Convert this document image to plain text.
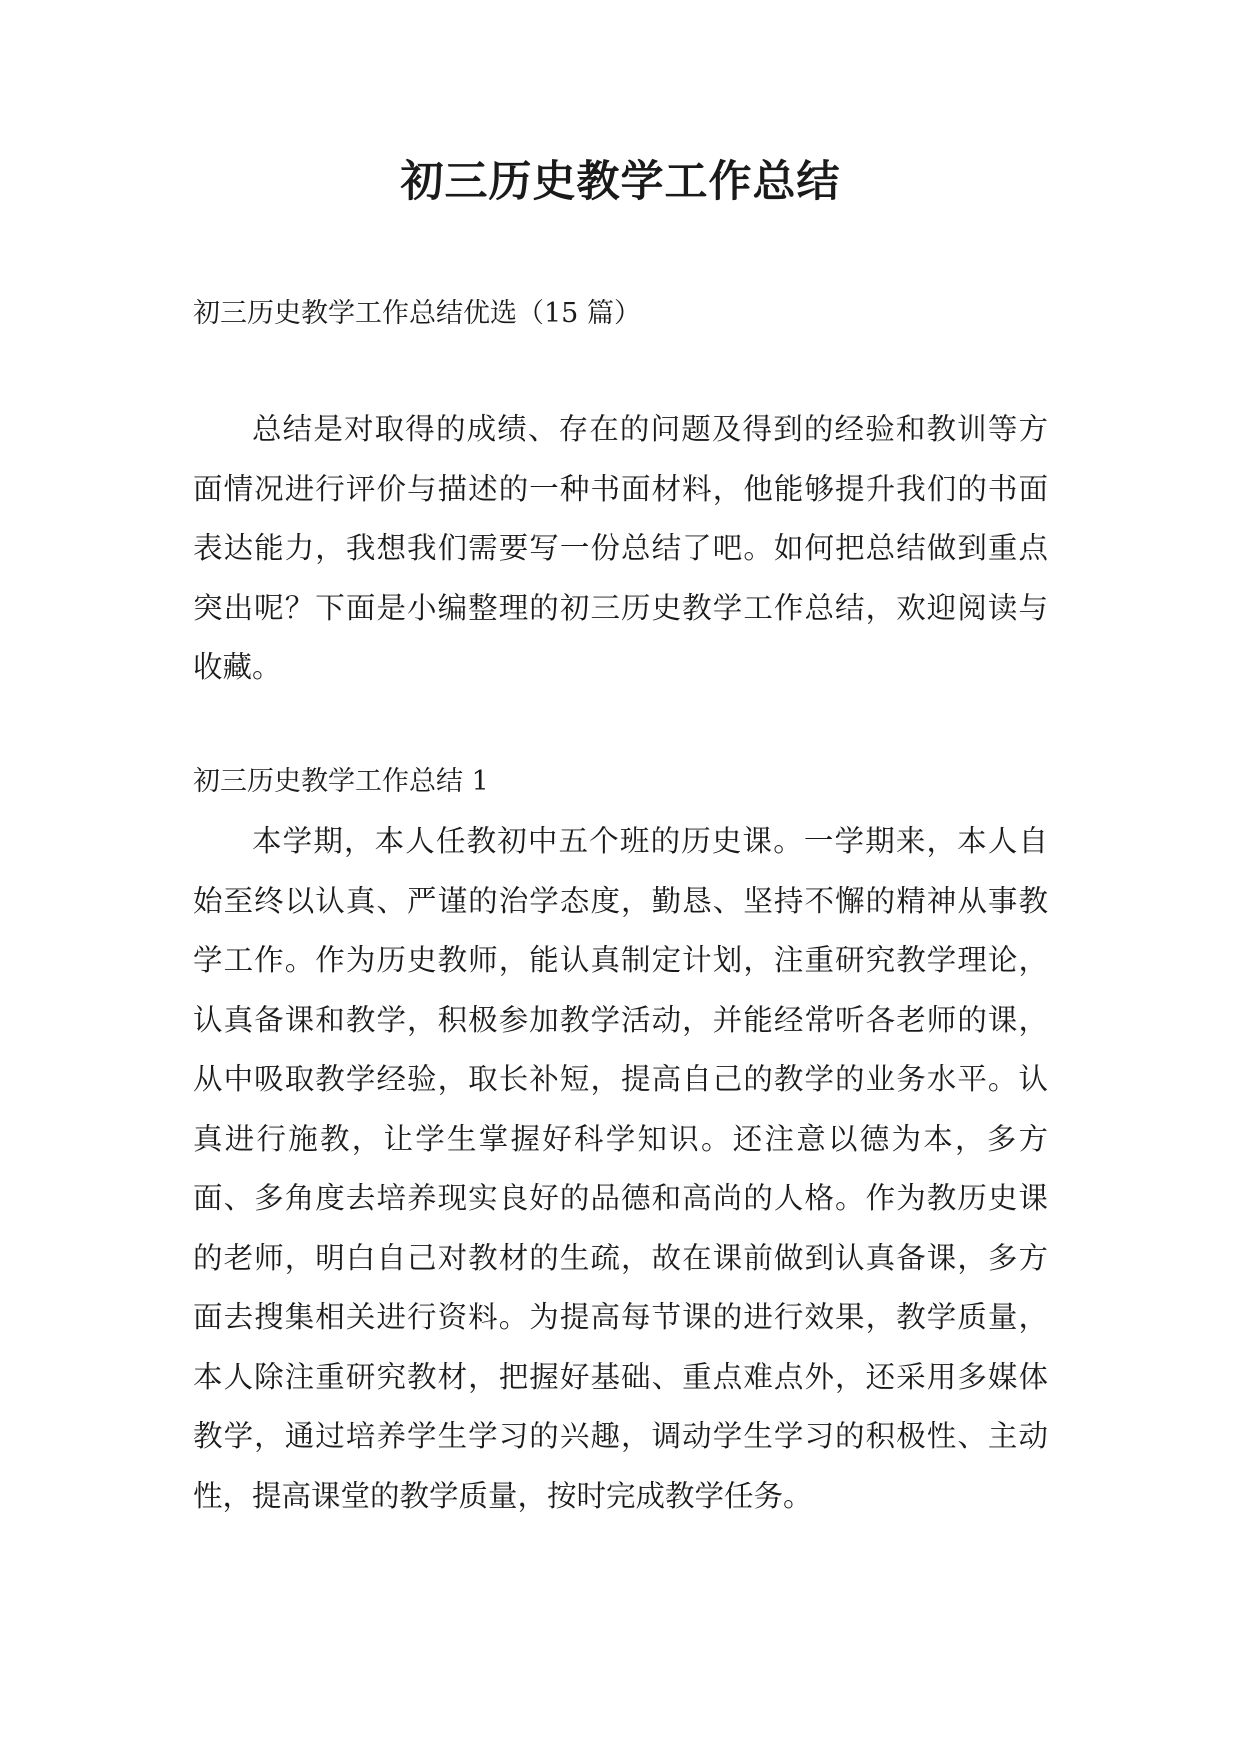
初三历史教学工作总结

初三历史教学工作总结优选（15 篇）

总结是对取得的成绩、存在的问题及得到的经验和教训等方面情况进行评价与描述的一种书面材料，他能够提升我们的书面表达能力，我想我们需要写一份总结了吧。如何把总结做到重点突出呢？下面是小编整理的初三历史教学工作总结，欢迎阅读与收藏。

初三历史教学工作总结 1

本学期，本人任教初中五个班的历史课。一学期来，本人自始至终以认真、严谨的治学态度，勤恳、坚持不懈的精神从事教学工作。作为历史教师，能认真制定计划，注重研究教学理论，认真备课和教学，积极参加教学活动，并能经常听各老师的课，从中吸取教学经验，取长补短，提高自己的教学的业务水平。认真进行施教，让学生掌握好科学知识。还注意以德为本，多方面、多角度去培养现实良好的品德和高尚的人格。作为教历史课的老师，明白自己对教材的生疏，故在课前做到认真备课，多方面去搜集相关进行资料。为提高每节课的进行效果，教学质量，本人除注重研究教材，把握好基础、重点难点外，还采用多媒体教学，通过培养学生学习的兴趣，调动学生学习的积极性、主动性，提高课堂的教学质量，按时完成教学任务。
